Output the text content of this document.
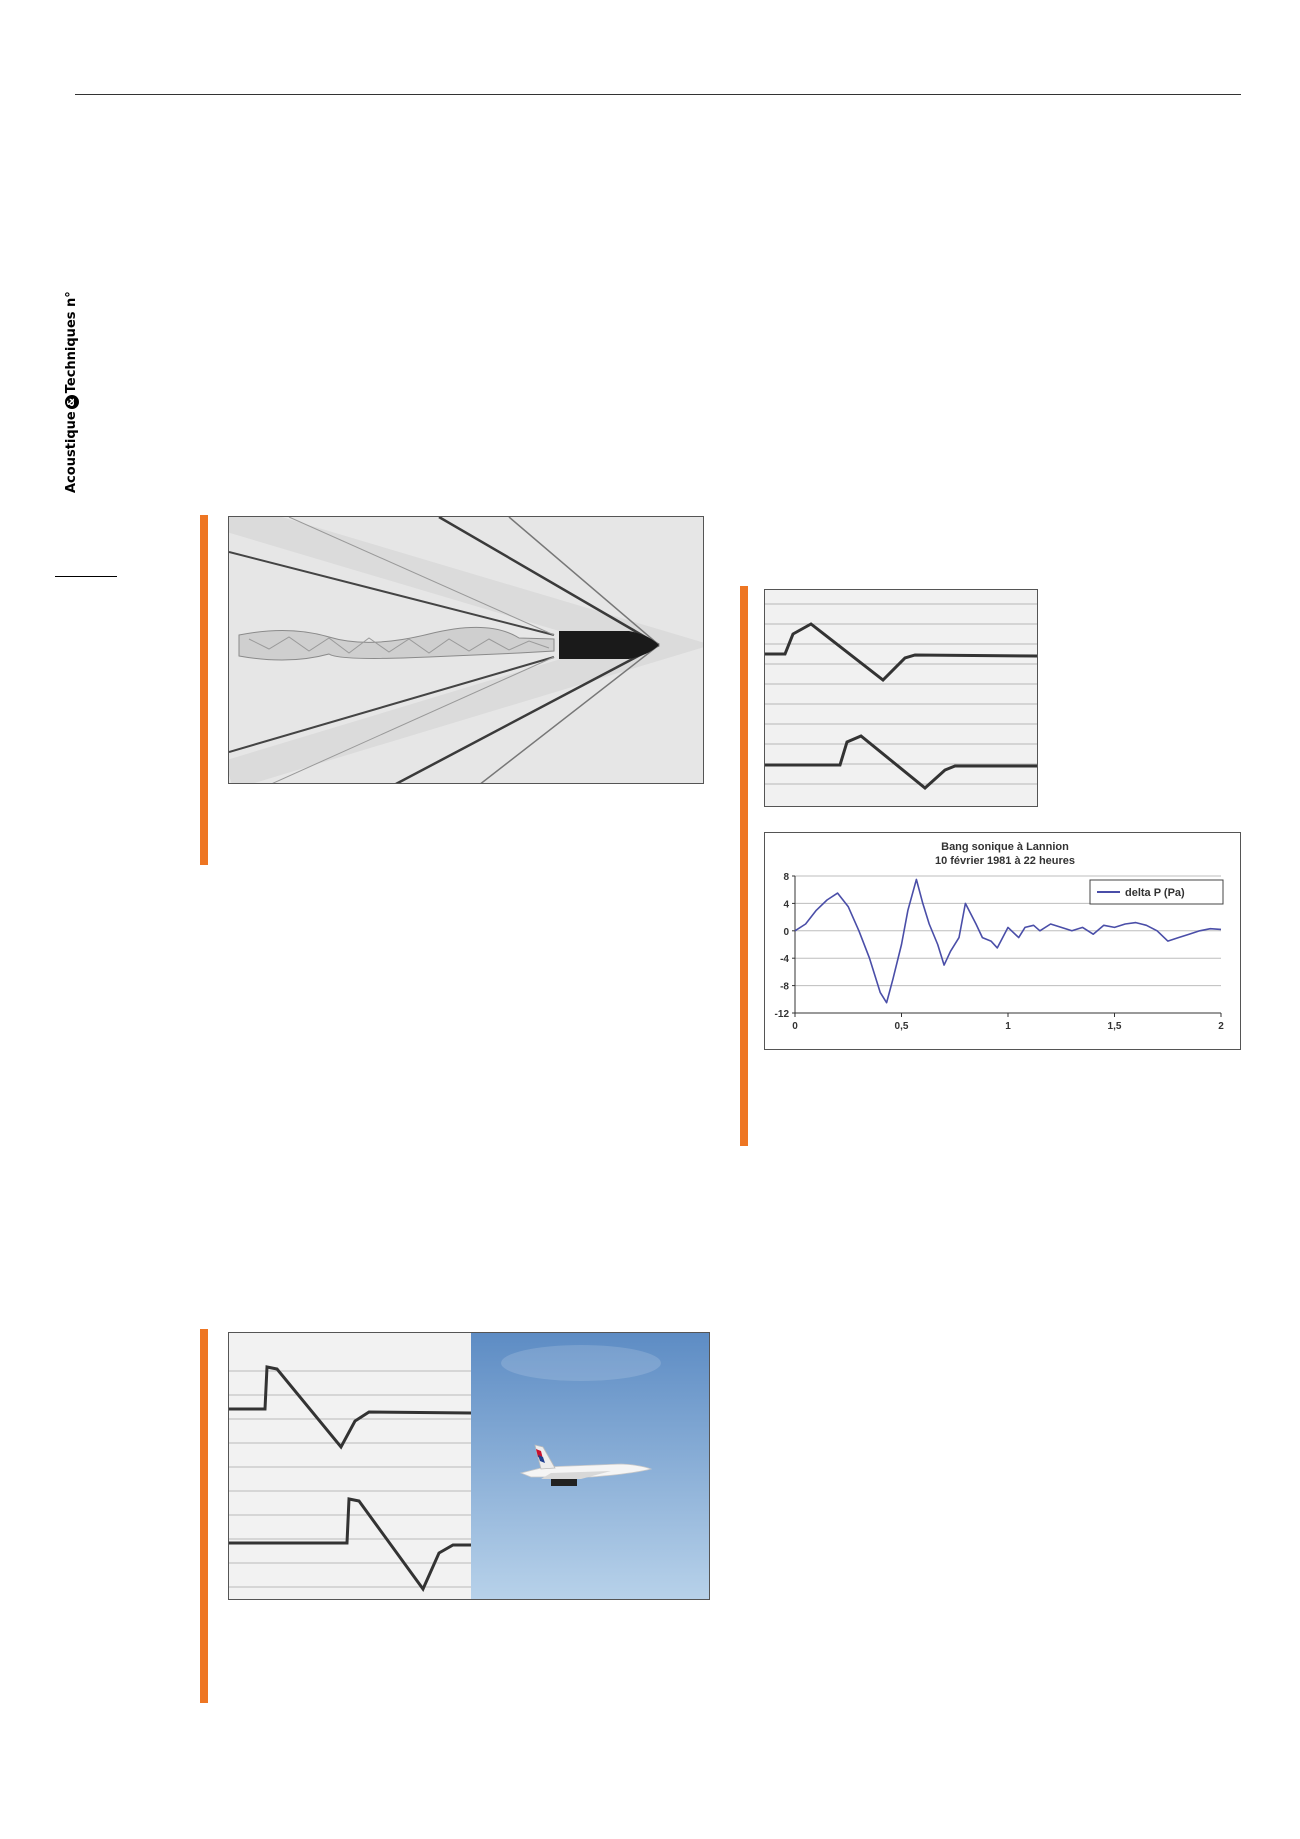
Acoustique
&
Techniques n°
Bang sonique à Lannion
10 février 1981 à 22 heures
8
4
0
-4
-8
-12
0	0,5	1	1,5	2
delta P (Pa)
